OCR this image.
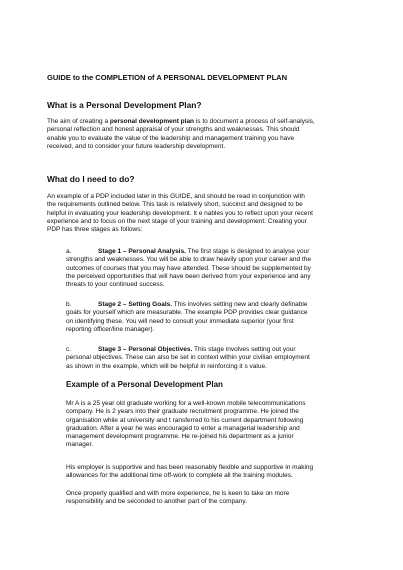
GUIDE to the COMPLETION of A PERSONAL DEVELOPMENT PLAN
What is a Personal Development Plan?
The aim of creating a personal development plan is to document a process of self-analysis,
personal reflection and honest appraisal of your strengths and weaknesses. This should
enable you to evaluate the value of the leadership and management training you have
received, and to consider your future leadership development.
What do I need to do?
An example of a PDP included later in this GUIDE, and should be read in conjunction with
the requirements outlined below. This task is relatively short, succinct and designed to be
helpful in evaluating your leadership development. It e nables you to reflect upon your recent
experience and to focus on the next stage of your training and development. Creating your
PDP has three stages as follows:
a.	Stage 1 – Personal Analysis. The first stage is designed to analyse your
strengths and weaknesses. You will be able to draw heavily upon your career and the
outcomes of courses that you may have attended. These should be supplemented by
the perceived opportunities that will have been derived from your experience and any
threats to your continued success.
b.	Stage 2 – Setting Goals. This involves setting new and clearly definable
goals for yourself which are measurable. The example PDP provides clear guidance
on identifying these. You will need to consult your immediate superior (your first
reporting officer/line manager).
c.	Stage 3 – Personal Objectives. This stage involves setting out your
personal objectives. These can also be set in context within your civilian employment
as shown in the example, which will be helpful in reinforcing it s value.
Example of a Personal Development Plan
Mr A is a 25 year old graduate working for a well-known mobile telecommunications
company. He is 2 years into their graduate recruitment programme. He joined the
organisation while at university and t ransferred to his current department following
graduation. After a year he was encouraged to enter a managerial leadership and
management development programme. He re-joined his department as a junior
manager.
His employer is supportive and has been reasonably flexible and supportive in making
allowances for the additional time off-work to complete all the training modules.
Once properly qualified and with more experience, he is keen to take on more
responsibility and be seconded to another part of the company.
